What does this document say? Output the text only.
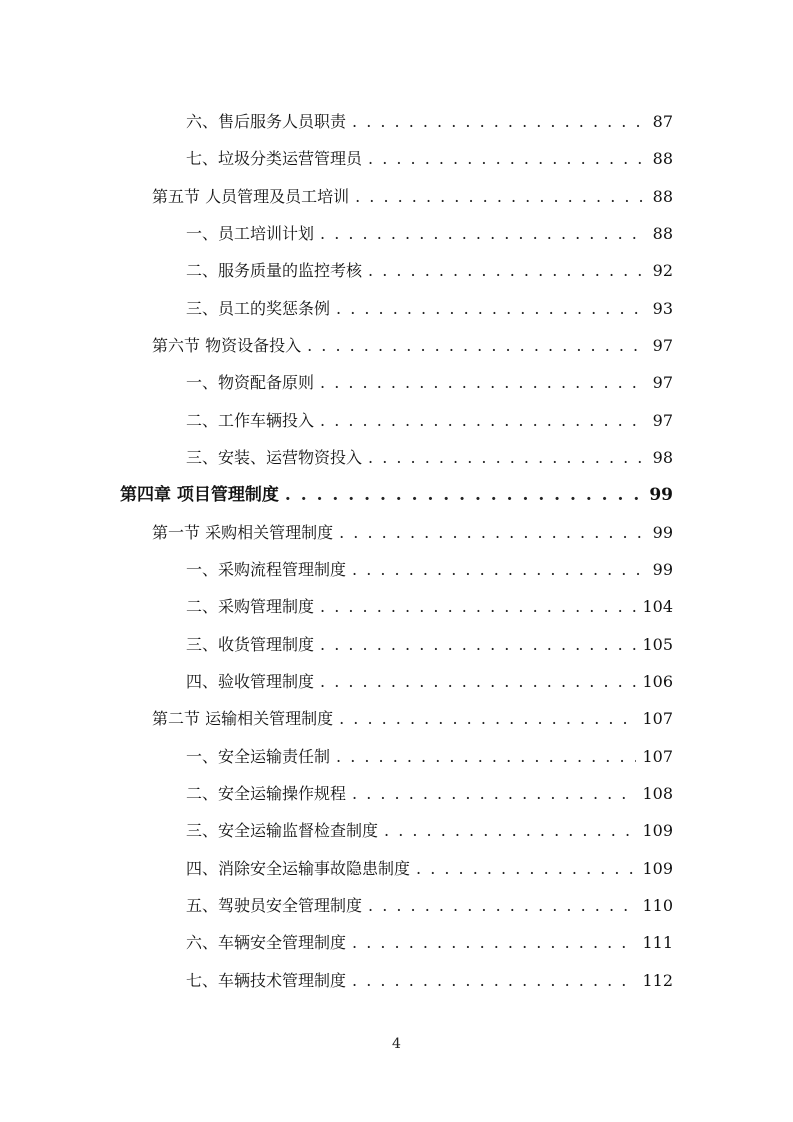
六、售后服务人员职责 . . .	87
七、垃圾分类运营管理员 . . .	88
第五节 人员管理及员工培训 . . .	88
一、员工培训计划 . . .	88
二、服务质量的监控考核 . . .	92
三、员工的奖惩条例 . . .	93
第六节 物资设备投入 . . .	97
一、物资配备原则 . . .	97
二、工作车辆投入 . . .	97
三、安装、运营物资投入 . . .	98
第四章 项目管理制度 . . .	99
第一节 采购相关管理制度 . . .	99
一、采购流程管理制度 . . .	99
二、采购管理制度 . . .	104
三、收货管理制度 . . .	105
四、验收管理制度 . . .	106
第二节 运输相关管理制度 . . .	107
一、安全运输责任制 . . .	107
二、安全运输操作规程 . . .	108
三、安全运输监督检查制度 . . .	109
四、消除安全运输事故隐患制度 . . .	109
五、驾驶员安全管理制度 . . .	110
六、车辆安全管理制度 . . .	111
七、车辆技术管理制度 . . .	112
4
